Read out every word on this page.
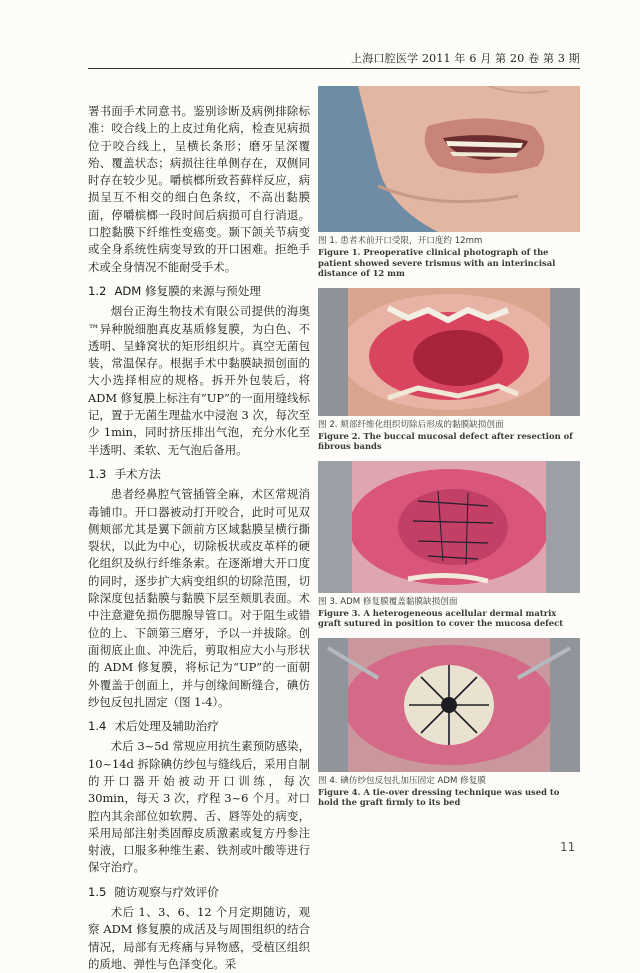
上海口腔医学 2011 年 6 月 第 20 卷 第 3 期

署书面手术同意书。鉴别诊断及病例排除标准：咬合线上的上皮过角化病，检查见病损位于咬合线上，呈横长条形；磨牙呈深覆殆、覆盖状态；病损往往单侧存在，双侧同时存在较少见。嚼槟榔所致苔藓样反应，病损呈互不相交的细白色条纹，不高出黏膜面，停嚼槟榔一段时间后病损可自行消退。口腔黏膜下纤维性变癌变。颞下颌关节病变或全身系统性病变导致的开口困难。拒绝手术或全身情况不能耐受手术。

1.2 ADM 修复膜的来源与预处理

烟台正海生物技术有限公司提供的海奥™异种脱细胞真皮基质修复膜，为白色、不透明、呈蜂窝状的矩形组织片。真空无菌包装，常温保存。根据手术中黏膜缺损创面的大小选择相应的规格。拆开外包装后，将 ADM 修复膜上标注有“UP”的一面用缝线标记，置于无菌生理盐水中浸泡 3 次，每次至少 1min，同时挤压排出气泡，充分水化至半透明、柔软、无气泡后备用。

1.3 手术方法

患者经鼻腔气管插管全麻，术区常规消毒铺巾。开口器被动打开咬合，此时可见双侧颊部尤其是翼下颌前方区域黏膜呈横行撕裂状，以此为中心，切除板状或皮革样的硬化组织及纵行纤维条索。在逐渐增大开口度的同时，逐步扩大病变组织的切除范围，切除深度包括黏膜与黏膜下层至颊肌表面。术中注意避免损伤腮腺导管口。对于阻生或错位的上、下颌第三磨牙，予以一并拔除。创面彻底止血、冲洗后，剪取相应大小与形状的 ADM 修复膜，将标记为“UP”的一面朝外覆盖于创面上，并与创缘间断缝合，碘仿纱包反包扎固定（图 1-4）。

1.4 术后处理及辅助治疗

术后 3~5d 常规应用抗生素预防感染，10~14d 拆除碘仿纱包与缝线后，采用自制的开口器开始被动开口训练，每次 30min，每天 3 次，疗程 3~6 个月。对口腔内其余部位如软腭、舌、唇等处的病变，采用局部注射类固醇皮质激素或复方丹参注射液，口服多种维生素、铁剂或叶酸等进行保守治疗。

1.5 随访观察与疗效评价

术后 1、3、6、12 个月定期随访，观察 ADM 修复膜的成活及与周围组织的结合情况，局部有无疼痛与异物感，受植区组织的质地、弹性与色泽变化。采

图 1. 患者术前开口受限，开口度约 12mm
Figure 1. Preoperative clinical photograph of the patient showed severe trismus with an interincisal distance of 12 mm
图 2. 颊部纤维化组织切除后形成的黏膜缺损创面
Figure 2. The buccal mucosal defect after resection of fibrous bands
图 3. ADM 修复膜覆盖黏膜缺损创面
Figure 3. A heterogeneous acellular dermal matrix graft sutured in position to cover the mucosa defect
图 4. 碘仿纱包反包扎加压固定 ADM 修复膜
Figure 4. A tie-over dressing technique was used to hold the graft firmly to its bed
11
